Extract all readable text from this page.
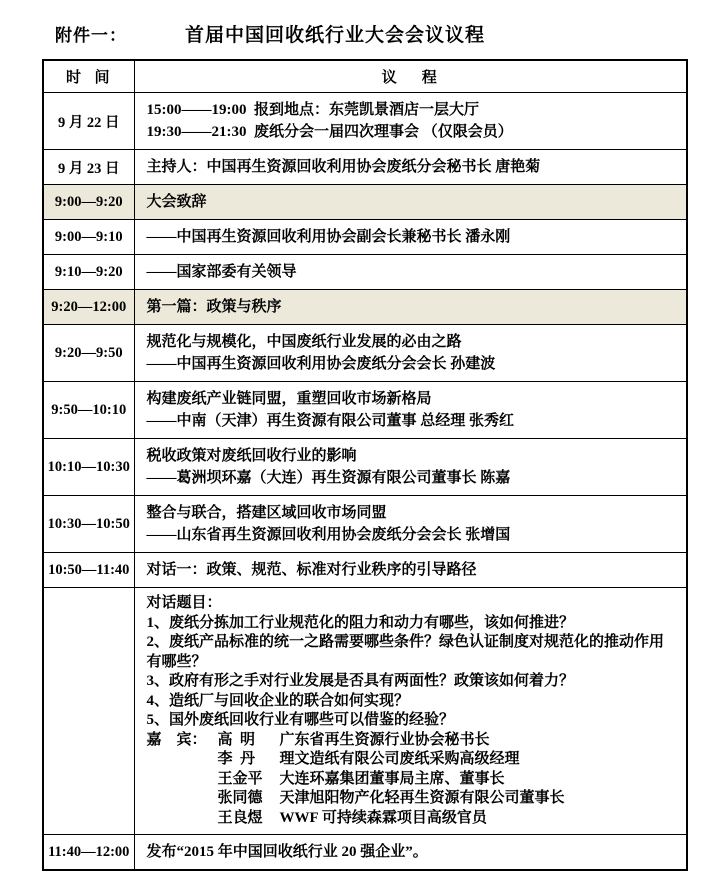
附件一：	首届中国回收纸行业大会会议议程
时  间	议    程
9 月 22 日	15:00——19:00  报到地点：东莞凯景酒店一层大厅
19:30——21:30  废纸分会一届四次理事会 （仅限会员）

9 月 23 日	主持人：中国再生资源回收利用协会废纸分会秘书长 唐艳菊

9:00—9:20	大会致辞

9:00—9:10	——中国再生资源回收利用协会副会长兼秘书长 潘永刚

9:10—9:20	——国家部委有关领导

9:20—12:00	第一篇：政策与秩序

9:20—9:50	规范化与规模化，中国废纸行业发展的必由之路
——中国再生资源回收利用协会废纸分会会长 孙建波

9:50—10:10	构建废纸产业链同盟，重塑回收市场新格局
——中南（天津）再生资源有限公司董事 总经理 张秀红

10:10—10:30	税收政策对废纸回收行业的影响
——葛洲坝环嘉（大连）再生资源有限公司董事长 陈嘉

10:30—10:50	整合与联合，搭建区域回收市场同盟
——山东省再生资源回收利用协会废纸分会会长 张增国

10:50—11:40	对话一：政策、规范、标准对行业秩序的引导路径

对话题目：
1、废纸分拣加工行业规范化的阻力和动力有哪些，该如何推进？
2、废纸产品标准的统一之路需要哪些条件？绿色认证制度对规范化的推动作用有哪些？
3、政府有形之手对行业发展是否具有两面性？政策该如何着力？
4、造纸厂与回收企业的联合如何实现？
5、国外废纸回收行业有哪些可以借鉴的经验？
嘉    宾： 高  明	广东省再生资源行业协会秘书长
李  丹	理文造纸有限公司废纸采购高级经理
王金平	大连环嘉集团董事局主席、董事长
张同德	天津旭阳物产化轻再生资源有限公司董事长
王良煜	WWF 可持续森霖项目高级官员

11:40—12:00	发布“2015 年中国回收纸行业 20 强企业”。
